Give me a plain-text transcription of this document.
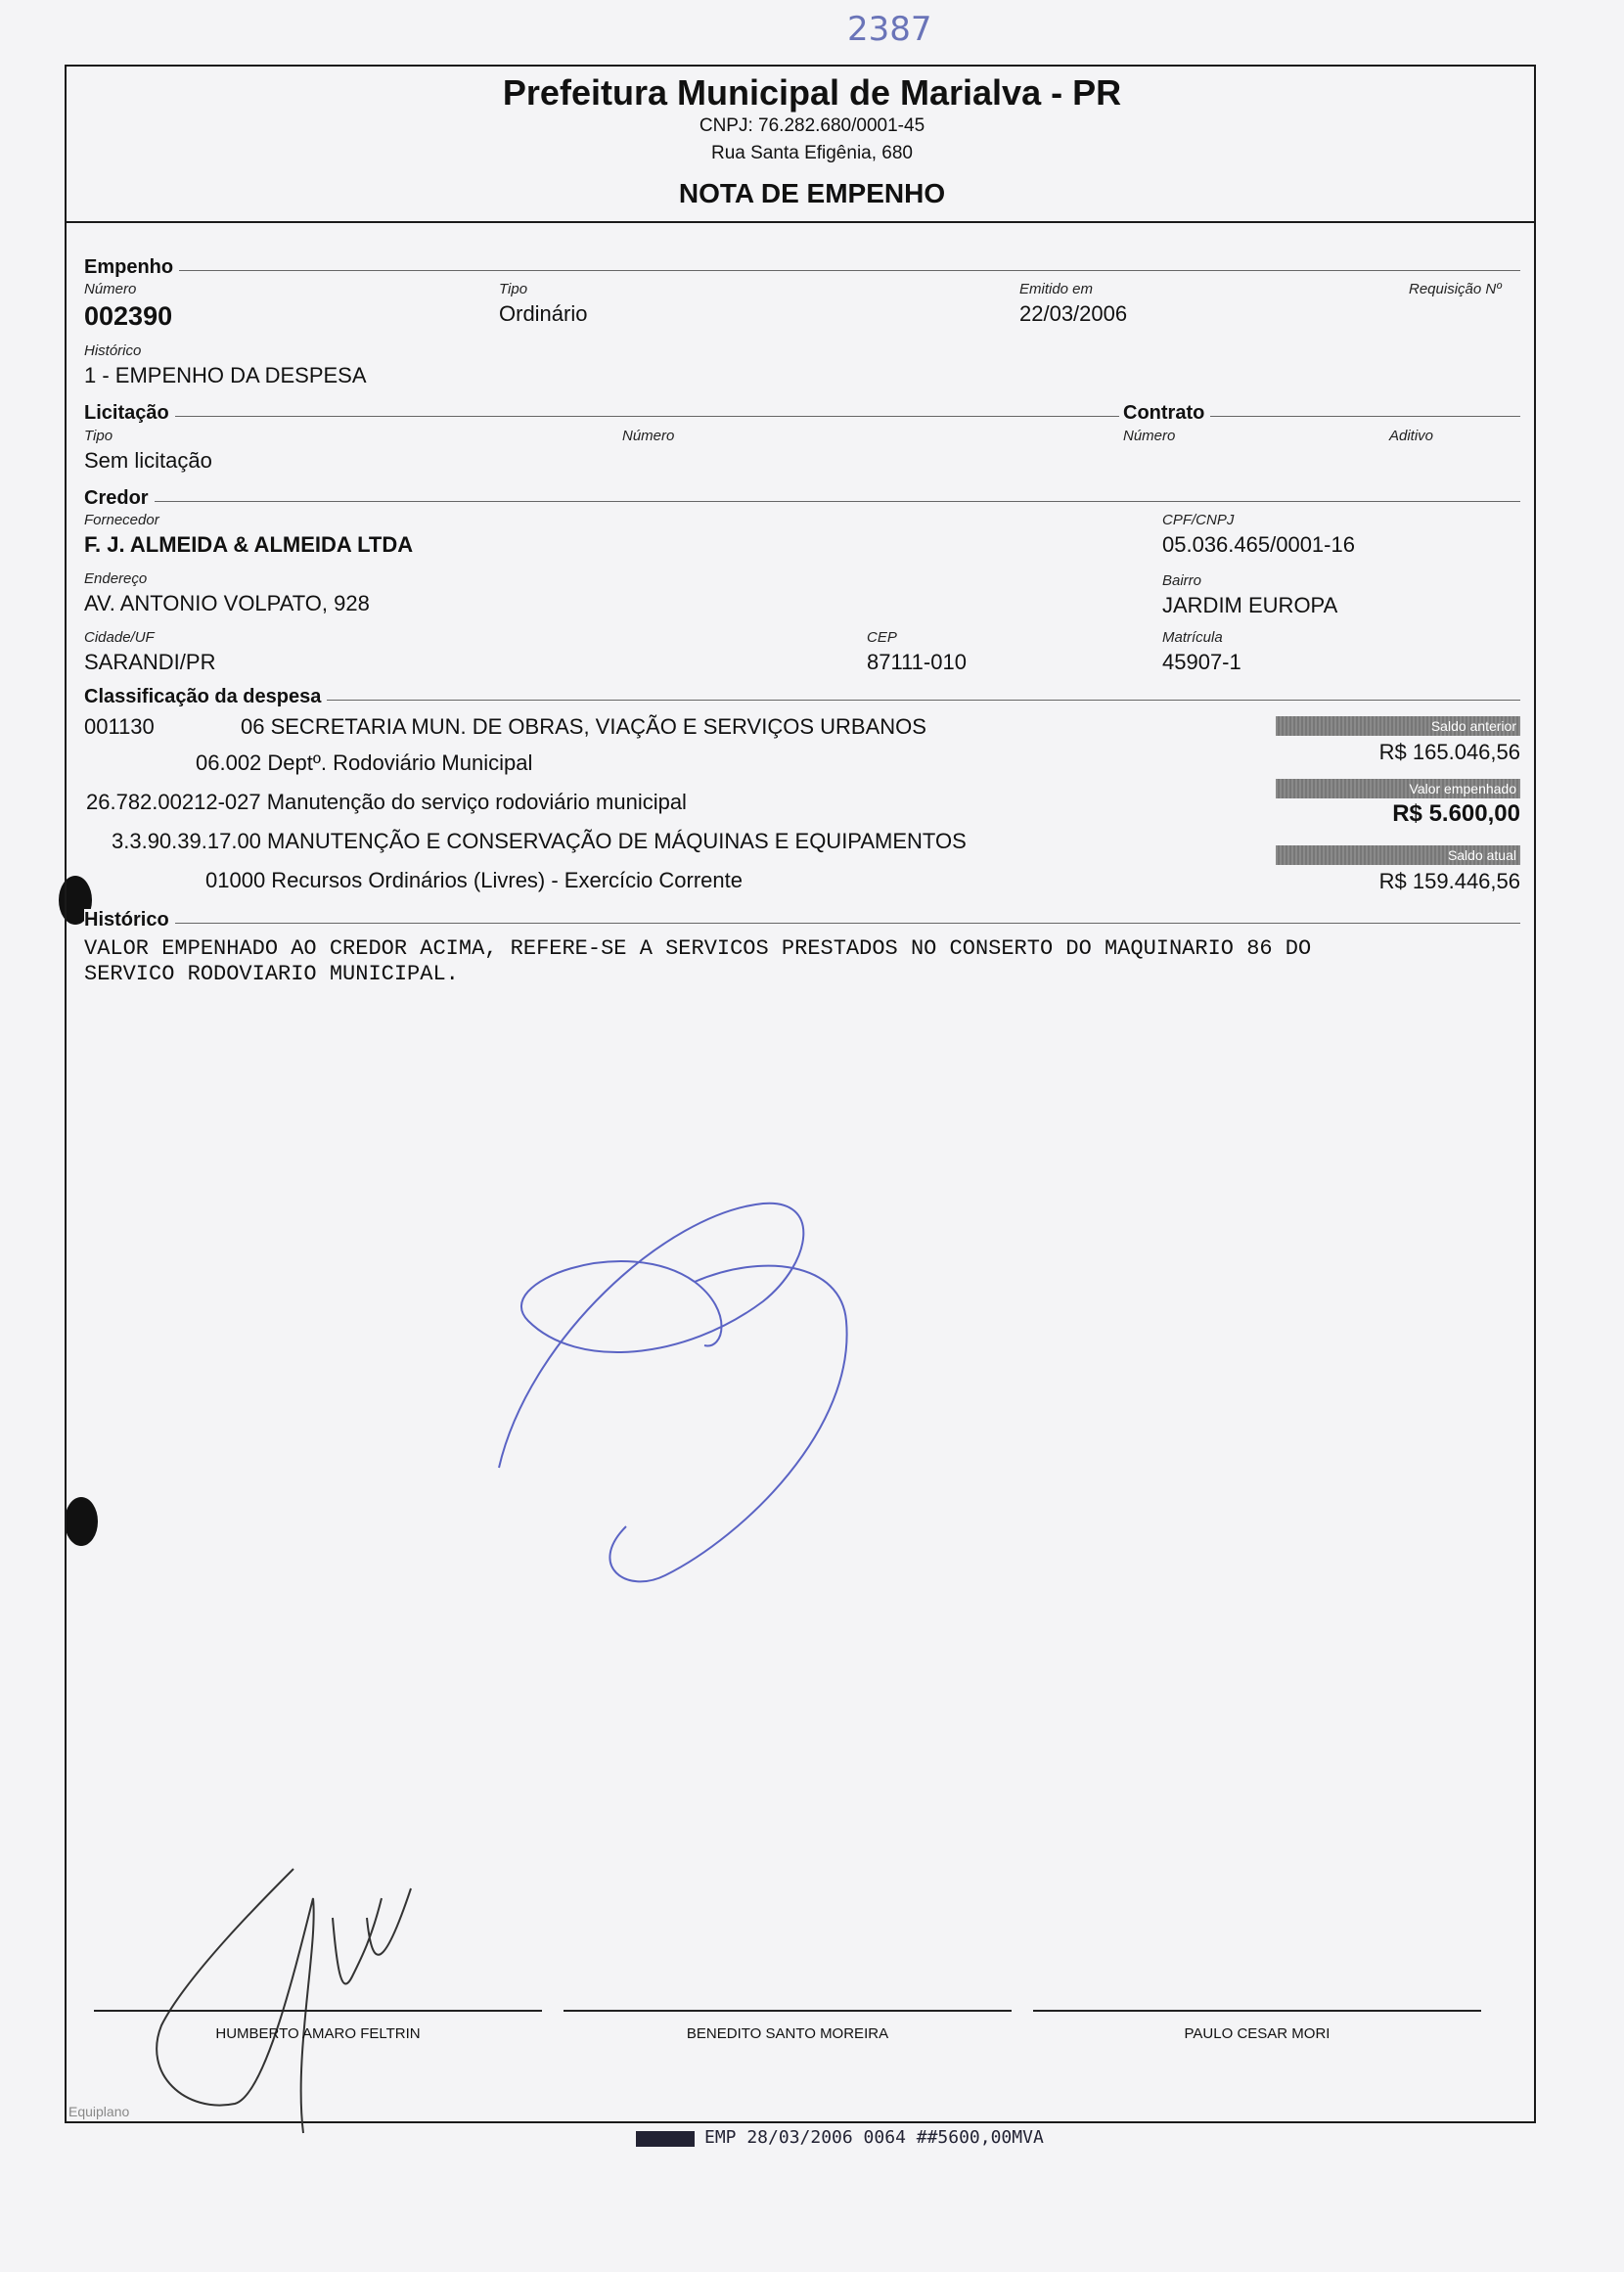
2387
Prefeitura Municipal de Marialva - PR
CNPJ: 76.282.680/0001-45
Rua Santa Efigênia, 680
NOTA DE EMPENHO
Empenho
Número
002390
Tipo
Ordinário
Emitido em
22/03/2006
Requisição Nº
Histórico
1 - EMPENHO DA DESPESA
Licitação	Contrato
Tipo
Sem licitação
Número	Número	Aditivo
Credor
Fornecedor
F. J. ALMEIDA & ALMEIDA LTDA
CPF/CNPJ
05.036.465/0001-16
Endereço
AV. ANTONIO VOLPATO, 928
Bairro
JARDIM EUROPA
Cidade/UF
SARANDI/PR
CEP
87111-010
Matrícula
45907-1
Classificação da despesa
001130	06 SECRETARIA MUN. DE OBRAS, VIAÇÃO E SERVIÇOS URBANOS
06.002 Deptº. Rodoviário Municipal
26.782.00212-027 Manutenção do serviço rodoviário municipal
3.3.90.39.17.00 MANUTENÇÃO E CONSERVAÇÃO DE MÁQUINAS E EQUIPAMENTOS
01000 Recursos Ordinários (Livres) - Exercício Corrente
Saldo anterior
R$ 165.046,56
Valor empenhado
R$ 5.600,00
Saldo atual
R$ 159.446,56
Histórico
VALOR EMPENHADO AO CREDOR ACIMA, REFERE-SE A SERVICOS PRESTADOS NO CONSERTO DO MAQUINARIO 86 DO
SERVICO RODOVIARIO MUNICIPAL.
HUMBERTO AMARO FELTRIN	BENEDITO SANTO MOREIRA	PAULO CESAR MORI
Equiplano
EMP 28/03/2006 0064 ##5600,00MVA
